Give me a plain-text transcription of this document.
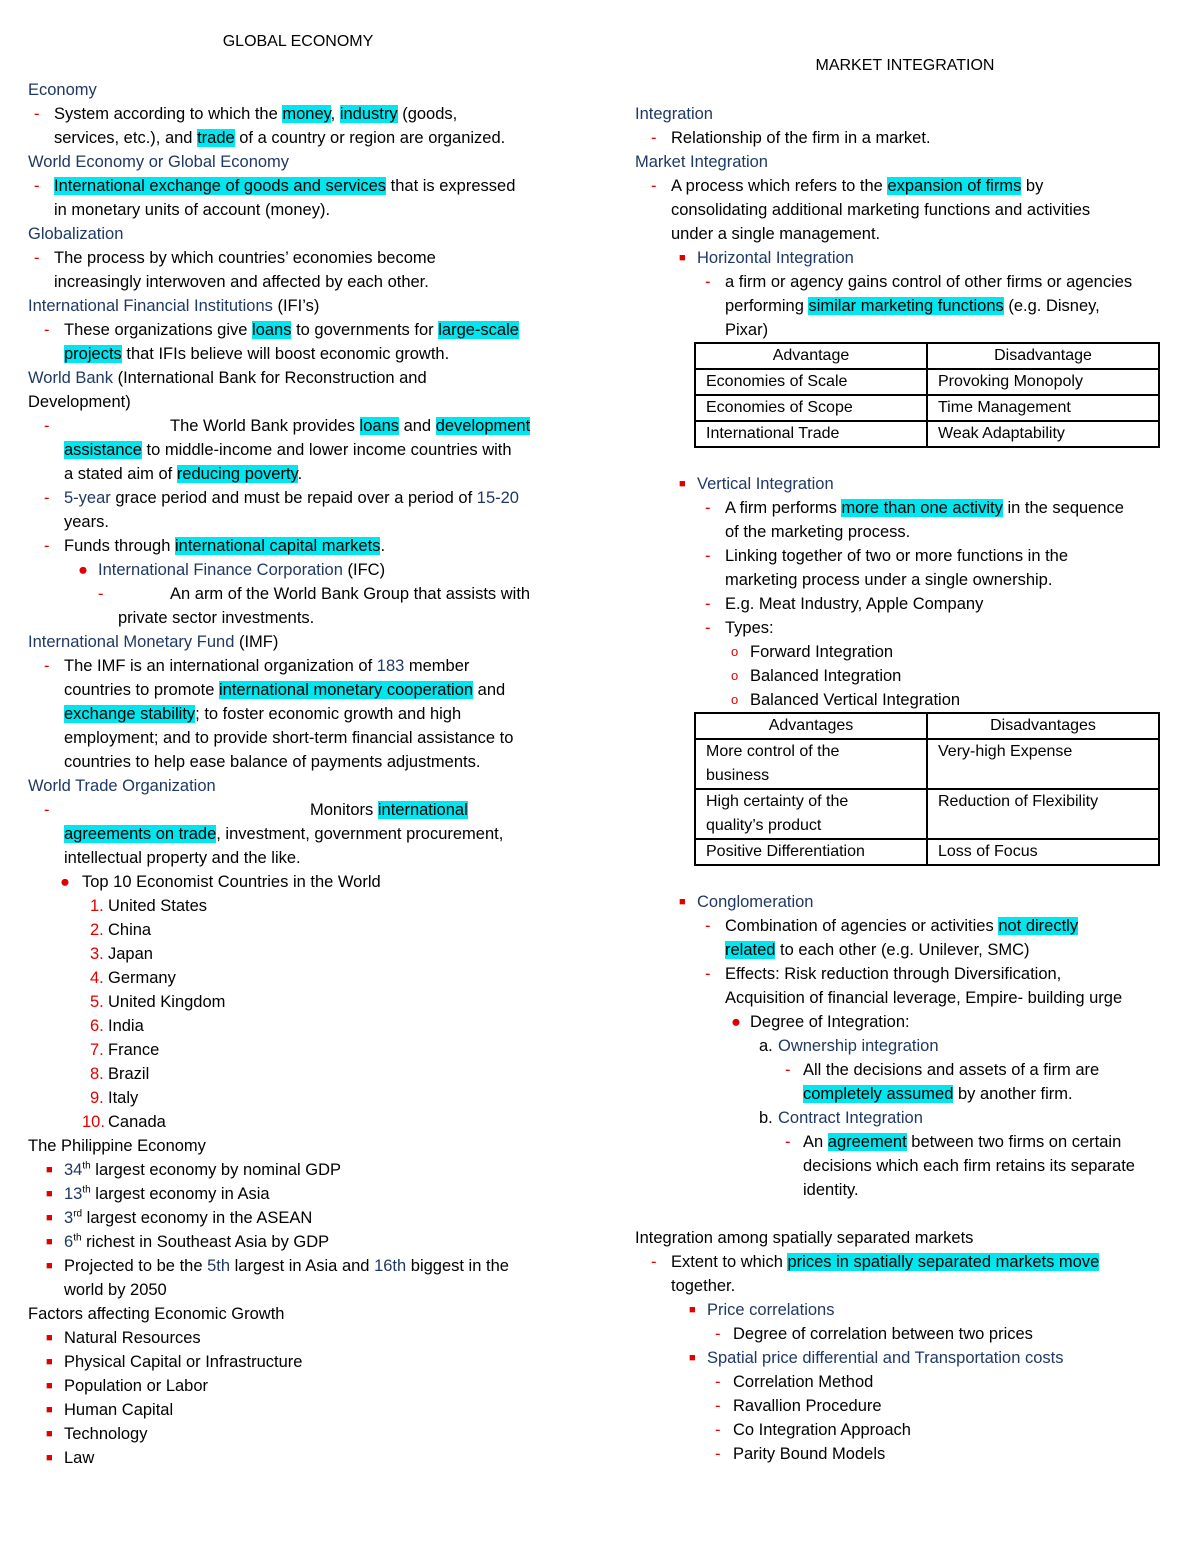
GLOBAL ECONOMY
Economy
- System according to which the money, industry (goods,
services, etc.), and trade of a country or region are organized.
World Economy or Global Economy
- International exchange of goods and services that is expressed
in monetary units of account (money).
Globalization
- The process by which countries’ economies become
increasingly interwoven and affected by each other.
International Financial Institutions (IFI’s)
- These organizations give loans to governments for large-scale
projects that IFIs believe will boost economic growth.
World Bank (International Bank for Reconstruction and
Development)
-	The World Bank provides loans and development
assistance to middle-income and lower income countries with
a stated aim of reducing poverty.
- 5-year grace period and must be repaid over a period of 15-20
years.
- Funds through international capital markets.
● International Finance Corporation (IFC)
-	An arm of the World Bank Group that assists with
private sector investments.
International Monetary Fund (IMF)
- The IMF is an international organization of 183 member
countries to promote international monetary cooperation and
exchange stability; to foster economic growth and high
employment; and to provide short-term financial assistance to
countries to help ease balance of payments adjustments.
World Trade Organization
-	Monitors international
agreements on trade, investment, government procurement,
intellectual property and the like.
● Top 10 Economist Countries in the World
1. United States
2. China
3. Japan
4. Germany
5. United Kingdom
6. India
7. France
8. Brazil
9. Italy
10. Canada
The Philippine Economy
■ 34th largest economy by nominal GDP
■ 13th largest economy in Asia
■ 3rd largest economy in the ASEAN
■ 6th richest in Southeast Asia by GDP
■ Projected to be the 5th largest in Asia and 16th biggest in the
world by 2050
Factors affecting Economic Growth
■ Natural Resources
■ Physical Capital or Infrastructure
■ Population or Labor
■ Human Capital
■ Technology
■ Law
MARKET INTEGRATION
Integration
- Relationship of the firm in a market.
Market Integration
- A process which refers to the expansion of firms by
consolidating additional marketing functions and activities
under a single management.
■ Horizontal Integration
- a firm or agency gains control of other firms or agencies
performing similar marketing functions (e.g. Disney,
Pixar)
Advantage	Disadvantage
Economies of Scale	Provoking Monopoly
Economies of Scope	Time Management
International Trade	Weak Adaptability
■ Vertical Integration
- A firm performs more than one activity in the sequence
of the marketing process.
- Linking together of two or more functions in the
marketing process under a single ownership.
- E.g. Meat Industry, Apple Company
- Types:
o Forward Integration
o Balanced Integration
o Balanced Vertical Integration
Advantages	Disadvantages

More control of the
business	Very-high Expense

High certainty of the
quality’s product	Reduction of Flexibility
Positive Differentiation	Loss of Focus
■ Conglomeration
- Combination of agencies or activities not directly
related to each other (e.g. Unilever, SMC)
- Effects: Risk reduction through Diversification,
Acquisition of financial leverage, Empire- building urge
● Degree of Integration:
a. Ownership integration
- All the decisions and assets of a firm are
completely assumed by another firm.
b. Contract Integration
- An agreement between two firms on certain
decisions which each firm retains its separate
identity.
Integration among spatially separated markets
- Extent to which prices in spatially separated markets move
together.
■ Price correlations
- Degree of correlation between two prices
■ Spatial price differential and Transportation costs
- Correlation Method
- Ravallion Procedure
- Co Integration Approach
- Parity Bound Models
